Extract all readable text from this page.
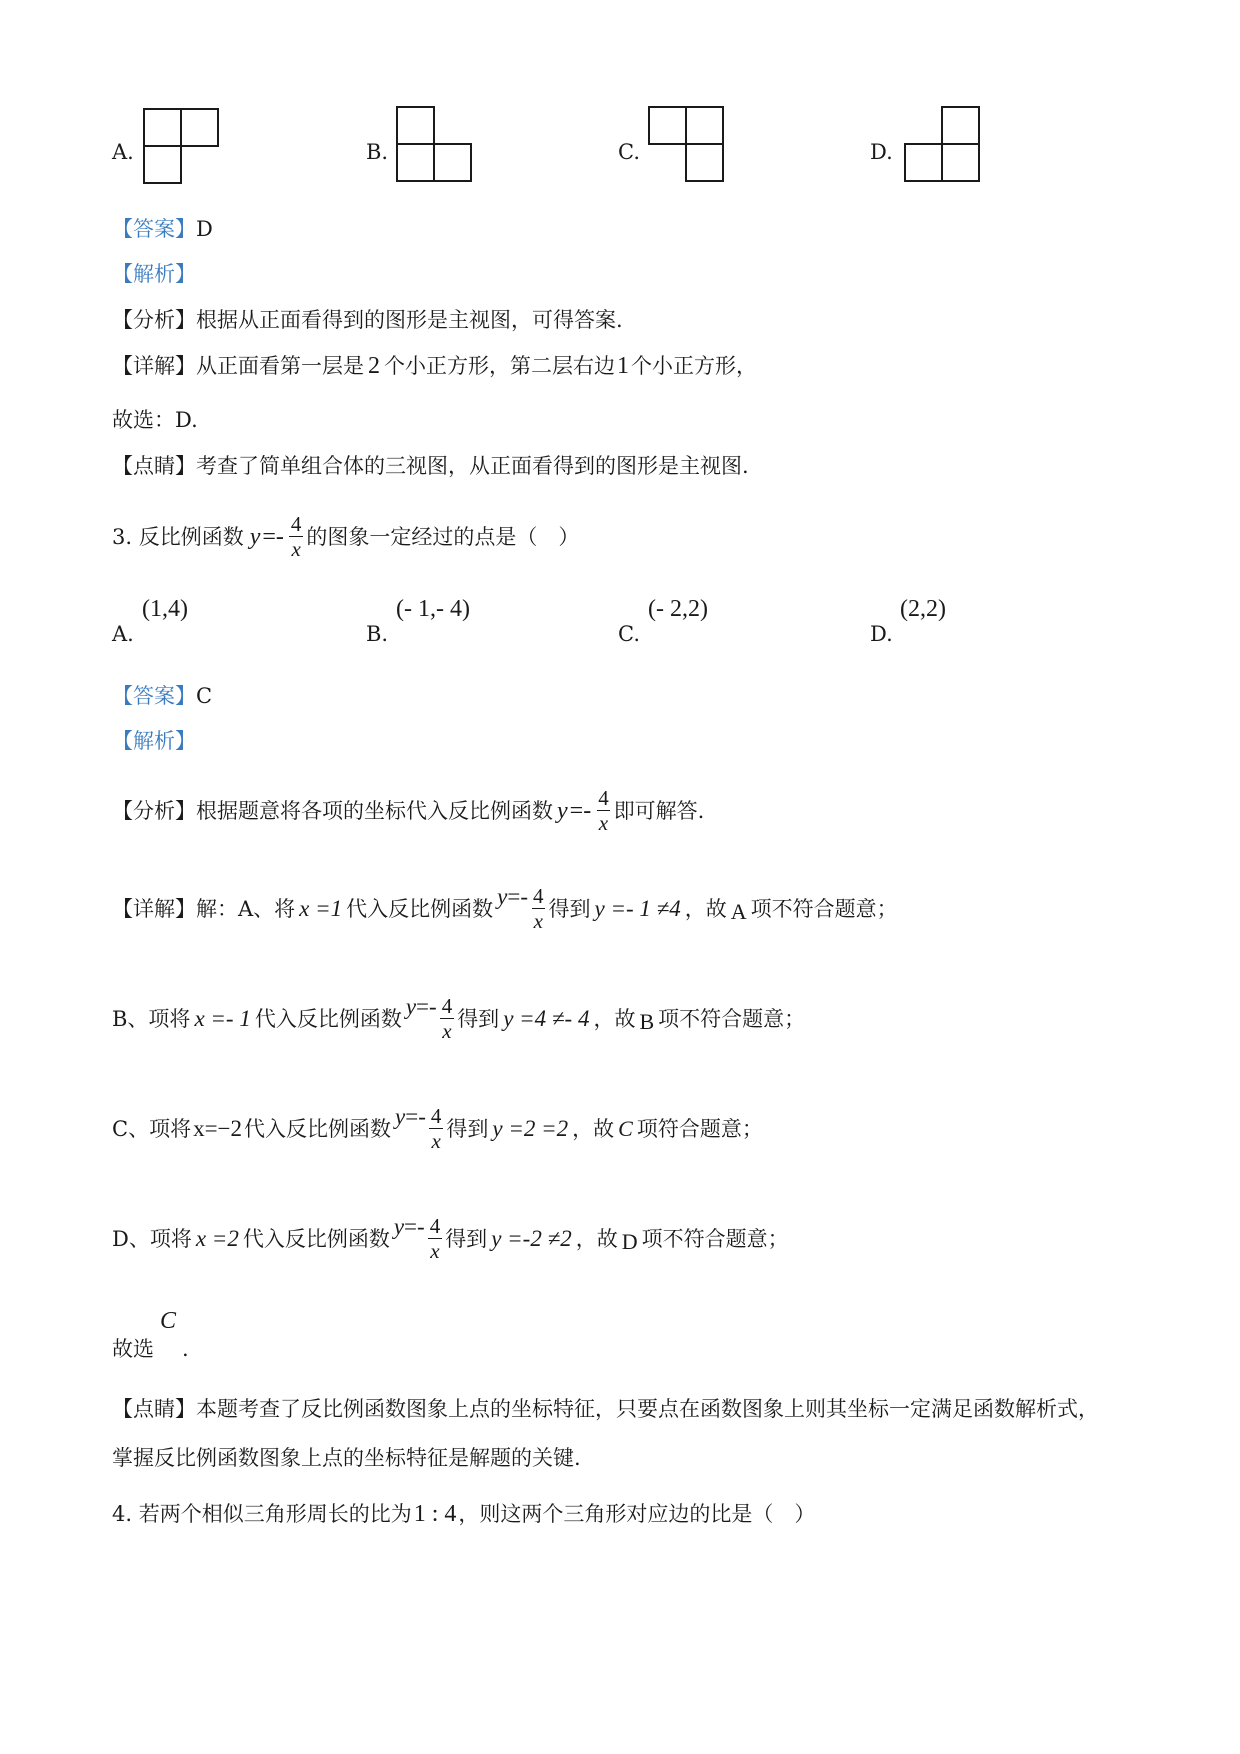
A.	B.	C.	D.
【答案】D
【解析】
【分析】根据从正面看得到的图形是主视图，可得答案.
【详解】从正面看第一层是 2 个小正方形，第二层右边1个小正方形，
故选：D.
【点睛】考查了简单组合体的三视图，从正面看得到的图形是主视图.
3. 反比例函数 $y =- \frac{4}{x}$ 的图象一定经过的点是（　）
A.
(1,4)
B.
(- 1,- 4)
C.
(- 2,2)
D.
(2,2)
【答案】C
【解析】
【分析】根据题意将各项的坐标代入反比例函数 $y =- \frac{4}{x}$ 即可解答.
【详解】解：A、将 x =1 代入反比例函数 $y =- \frac{4}{x}$ 得到 y =- 1 ≠4 ，故 A 项不符合题意；
B、项将 x =- 1 代入反比例函数 $y =- \frac{4}{x}$ 得到 y =4 ≠- 4 ，故 B 项不符合题意；
C、项将 x=−2 代入反比例函数 $y =- \frac{4}{x}$ 得到 y =2 =2 ，故 C 项符合题意；
D、项将 x =2 代入反比例函数 $y =- \frac{4}{x}$ 得到 y =-2 ≠2 ，故 D 项不符合题意；
故选
C
.
【点睛】本题考查了反比例函数图象上点的坐标特征，只要点在函数图象上则其坐标一定满足函数解析式，
掌握反比例函数图象上点的坐标特征是解题的关键.
4. 若两个相似三角形周长的比为 1 : 4 ，则这两个三角形对应边的比是（　）
